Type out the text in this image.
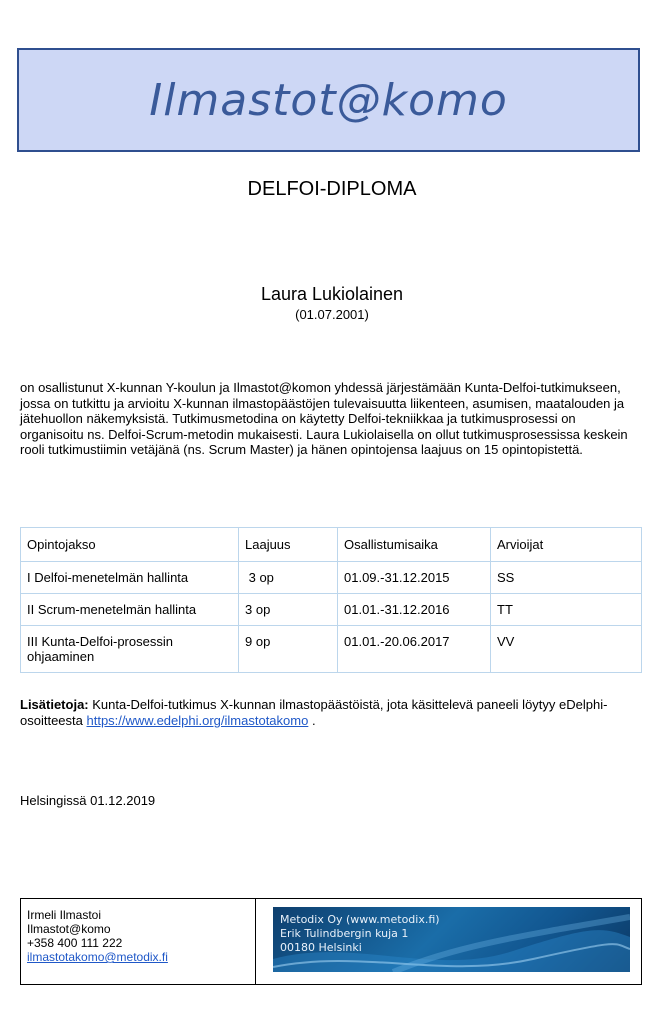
Ilmastot@komo
DELFOI-DIPLOMA
Laura Lukiolainen
(01.07.2001)
on osallistunut X-kunnan Y-koulun ja Ilmastot@komon yhdessä järjestämään Kunta-Delfoi-tutkimukseen, jossa on tutkittu ja arvioitu X-kunnan ilmastopäästöjen tulevaisuutta liikenteen, asumisen, maatalouden ja jätehuollon näkemyksistä. Tutkimusmetodina on käytetty Delfoi-tekniikkaa ja tutkimusprosessi on organisoitu ns. Delfoi-Scrum-metodin mukaisesti. Laura Lukiolaisella on ollut tutkimusprosessissa keskein rooli tutkimustiimin vetäjänä (ns. Scrum Master) ja hänen opintojensa laajuus on 15 opintopistettä.
Opintojakso	Laajuus	Osallistumisaika	Arvioijat
I Delfoi-menetelmän hallinta	3 op	01.09.-31.12.2015	SS
II Scrum-menetelmän hallinta	3 op	01.01.-31.12.2016	TT
III Kunta-Delfoi-prosessin ohjaaminen	9 op	01.01.-20.06.2017	VV
Lisätietoja: Kunta-Delfoi-tutkimus X-kunnan ilmastopäästöistä, jota käsittelevä paneeli löytyy eDelphi-osoitteesta https://www.edelphi.org/ilmastotakomo .
Helsingissä 01.12.2019
Irmeli Ilmastoi
Ilmastot@komo
+358 400 111 222
ilmastotakomo@metodix.fi
Metodix Oy (www.metodix.fi)
Erik Tulindbergin kuja 1
00180 Helsinki
